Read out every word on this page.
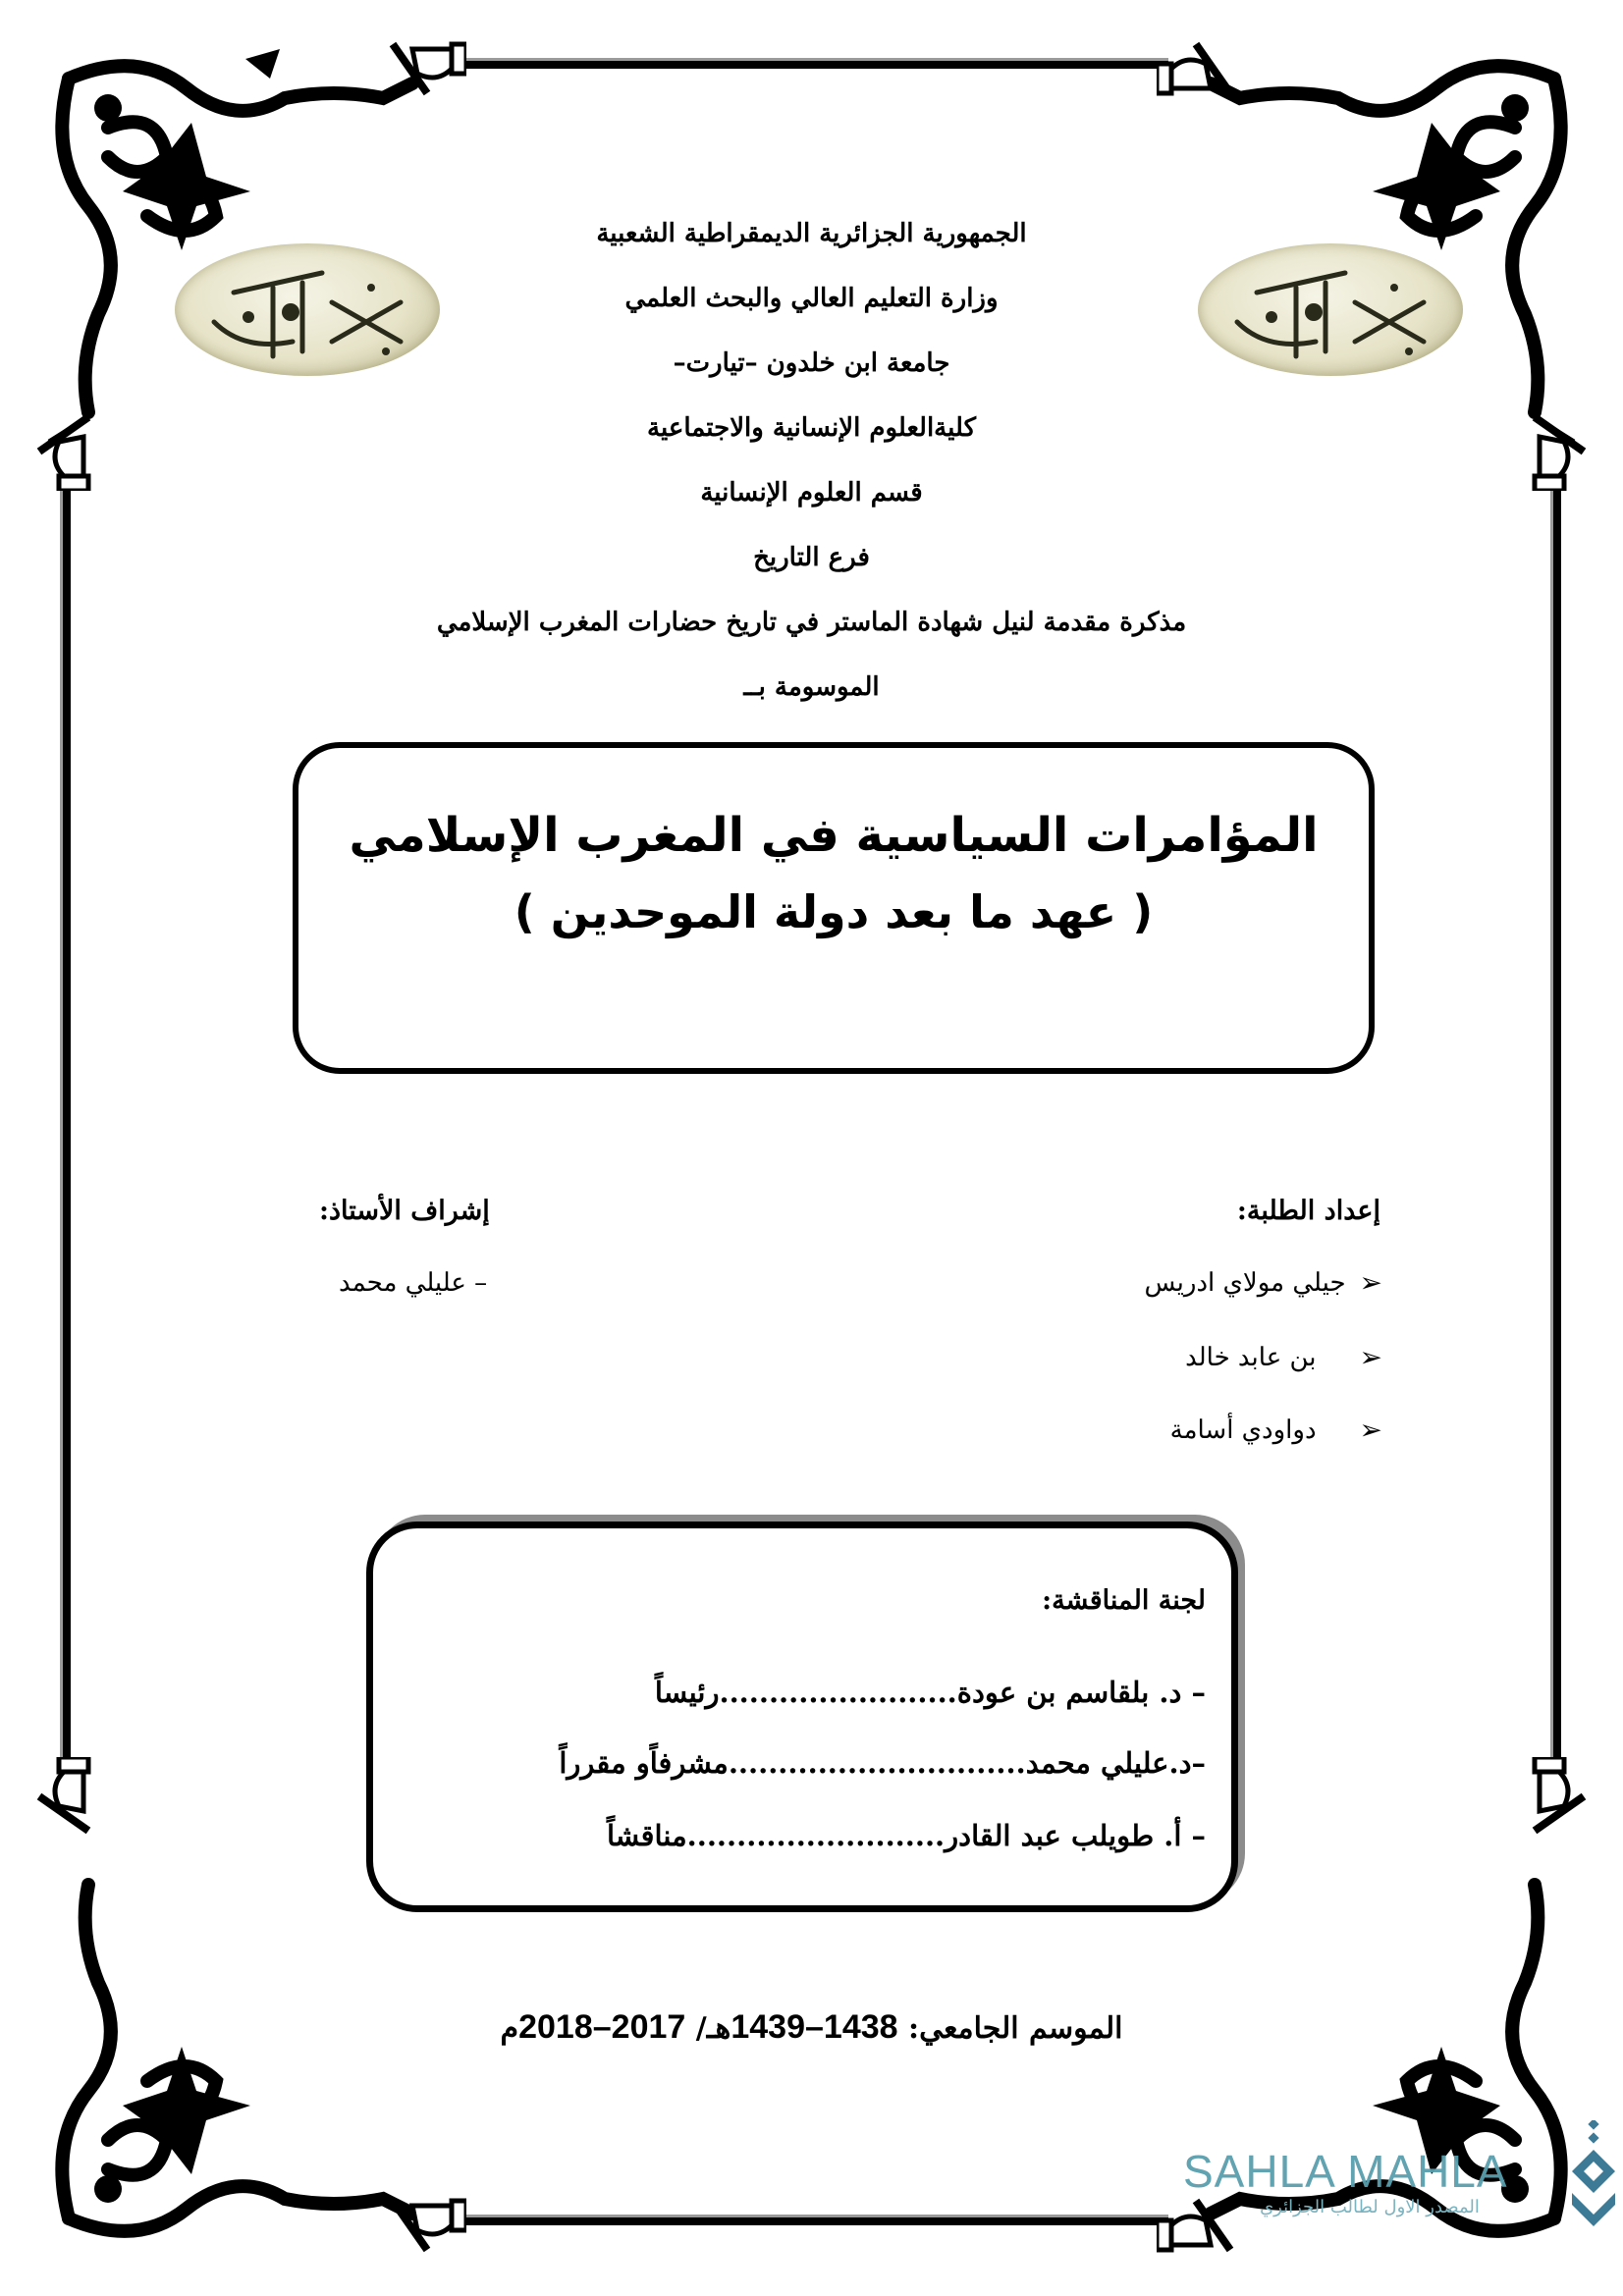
الجمهورية الجزائرية الديمقراطية الشعبية
وزارة التعليم العالي والبحث العلمي
جامعة ابن خلدون –تيارت–
كليةالعلوم الإنسانية والاجتماعية
قسم العلوم الإنسانية
فرع التاريخ
مذكرة مقدمة لنيل شهادة الماستر في تاريخ حضارات المغرب الإسلامي
الموسومة بــ
المؤامرات السياسية في المغرب الإسلامي
( عهد ما بعد دولة الموحدين )
إعداد الطلبة:
إشراف الأستاذ:
➢
جيلي مولاي ادريس
➢
بن عابد خالد
➢
دواودي أسامة
– عليلي محمد
لجنة المناقشة:
– د. بلقاسم بن عودة........................رئيساً
–د.عليلي محمد..............................مشرفاًو مقرراً
– أ. طويلب عبد القادر..........................مناقشاً
الموسم الجامعي: 1438–1439هـ/ 2017–2018م
SAHLA MAHLA
المصدر الاول لطالب الجزائري
